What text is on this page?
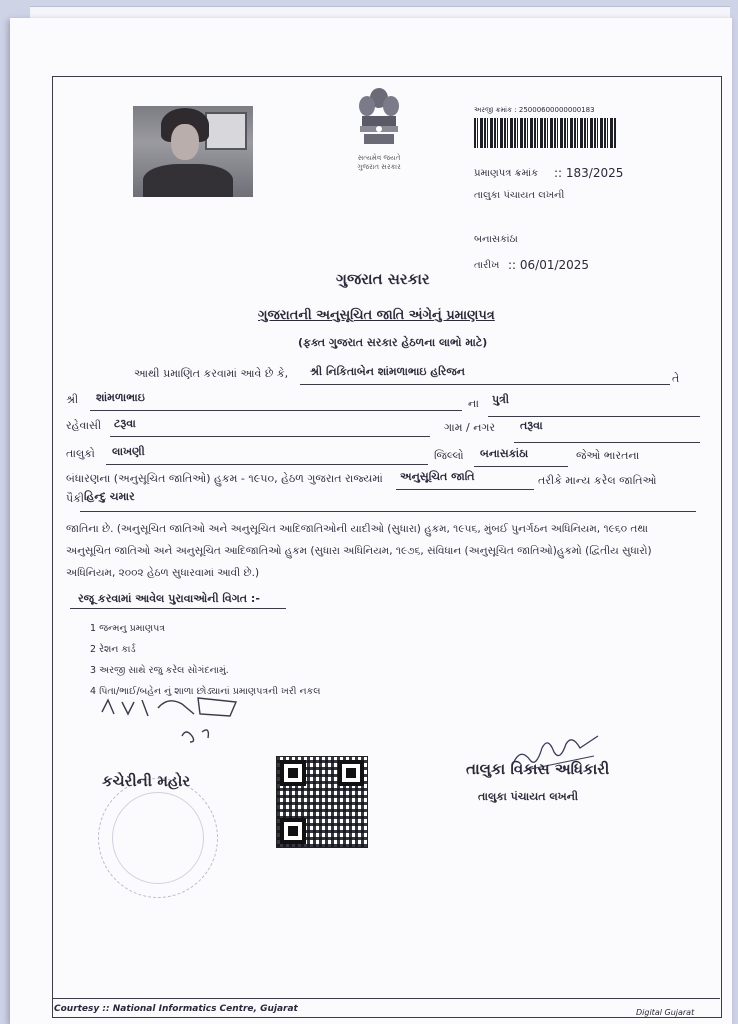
સત્યમેવ જયતે
ગુજરાત સરકાર
અરજી ક્રમાંક : 25000600000000183
પ્રમાણપત્ર ક્રમાંક :: 183/2025
તાલુકા પંચાયત લખની
બનાસકાંઠા
તારીખ :: 06/01/2025
ગુજરાત સરકાર
ગુજરાતની અનુસૂચિત જાતિ અંગેનું પ્રમાણપત્ર
(ફક્ત ગુજરાત સરકાર હેઠળના લાભો માટે)
આથી પ્રમાણિત કરવામાં આવે છે કે, શ્રી નિકિતાબેન શાંમળાભાઇ હરિજન
તે
શ્રી શાંમળાભાઇ	ના પુત્રી
રહેવાસી ટરૂવા	ગામ / નગર તરૂવા
તાલુકો લાખણી	જિલ્લો બનાસકાંઠા	જેઓ ભારતના
બંધારણના (અનુસૂચિત જાતિઓ) હુકમ - ૧૯૫૦, હેઠળ ગુજરાત રાજ્યમાં અનુસૂચિત જાતિ	તરીકે માન્ય કરેલ જાતિઓ
પૈકી હિન્દુ ચમાર
જાતિના છે. (અનુસૂચિત જાતિઓ અને અનુસૂચિત આદિજાતિઓની યાદીઓ (સુધારા) હુકમ, ૧૯૫૬, મુંબઈ પુનર્ગઠન અધિનિયમ, ૧૯૬૦ તથા
અનુસૂચિત જાતિઓ અને અનુસૂચિત આદિજાતિઓ હુકમ (સુધારા અધિનિયમ, ૧૯૭૬, સંવિધાન (અનુસૂચિત જાતિઓ)હુકમો (દ્વિતીય સુધારો)
અધિનિયમ, ૨૦૦૨ હેઠળ સુધારવામાં આવી છે.)
રજૂ કરવામાં આવેલ પુરાવાઓની વિગત :-
1 જન્મનુ પ્રમાણપત્ર
2 રેશન કાર્ડ
3 અરજી સાથે રજુ કરેલ સોગંદનામું.
4 પિતા/ભાઈ/બહેન નું શાળા છોડ્યાનાં પ્રમાણપત્રની ખરી નકલ
કચેરીની મહોર
તાલુકા વિકાસ અધિકારી
તાલુકા પંચાયત લખની
Courtesy :: National Informatics Centre, Gujarat	Digital Gujarat
